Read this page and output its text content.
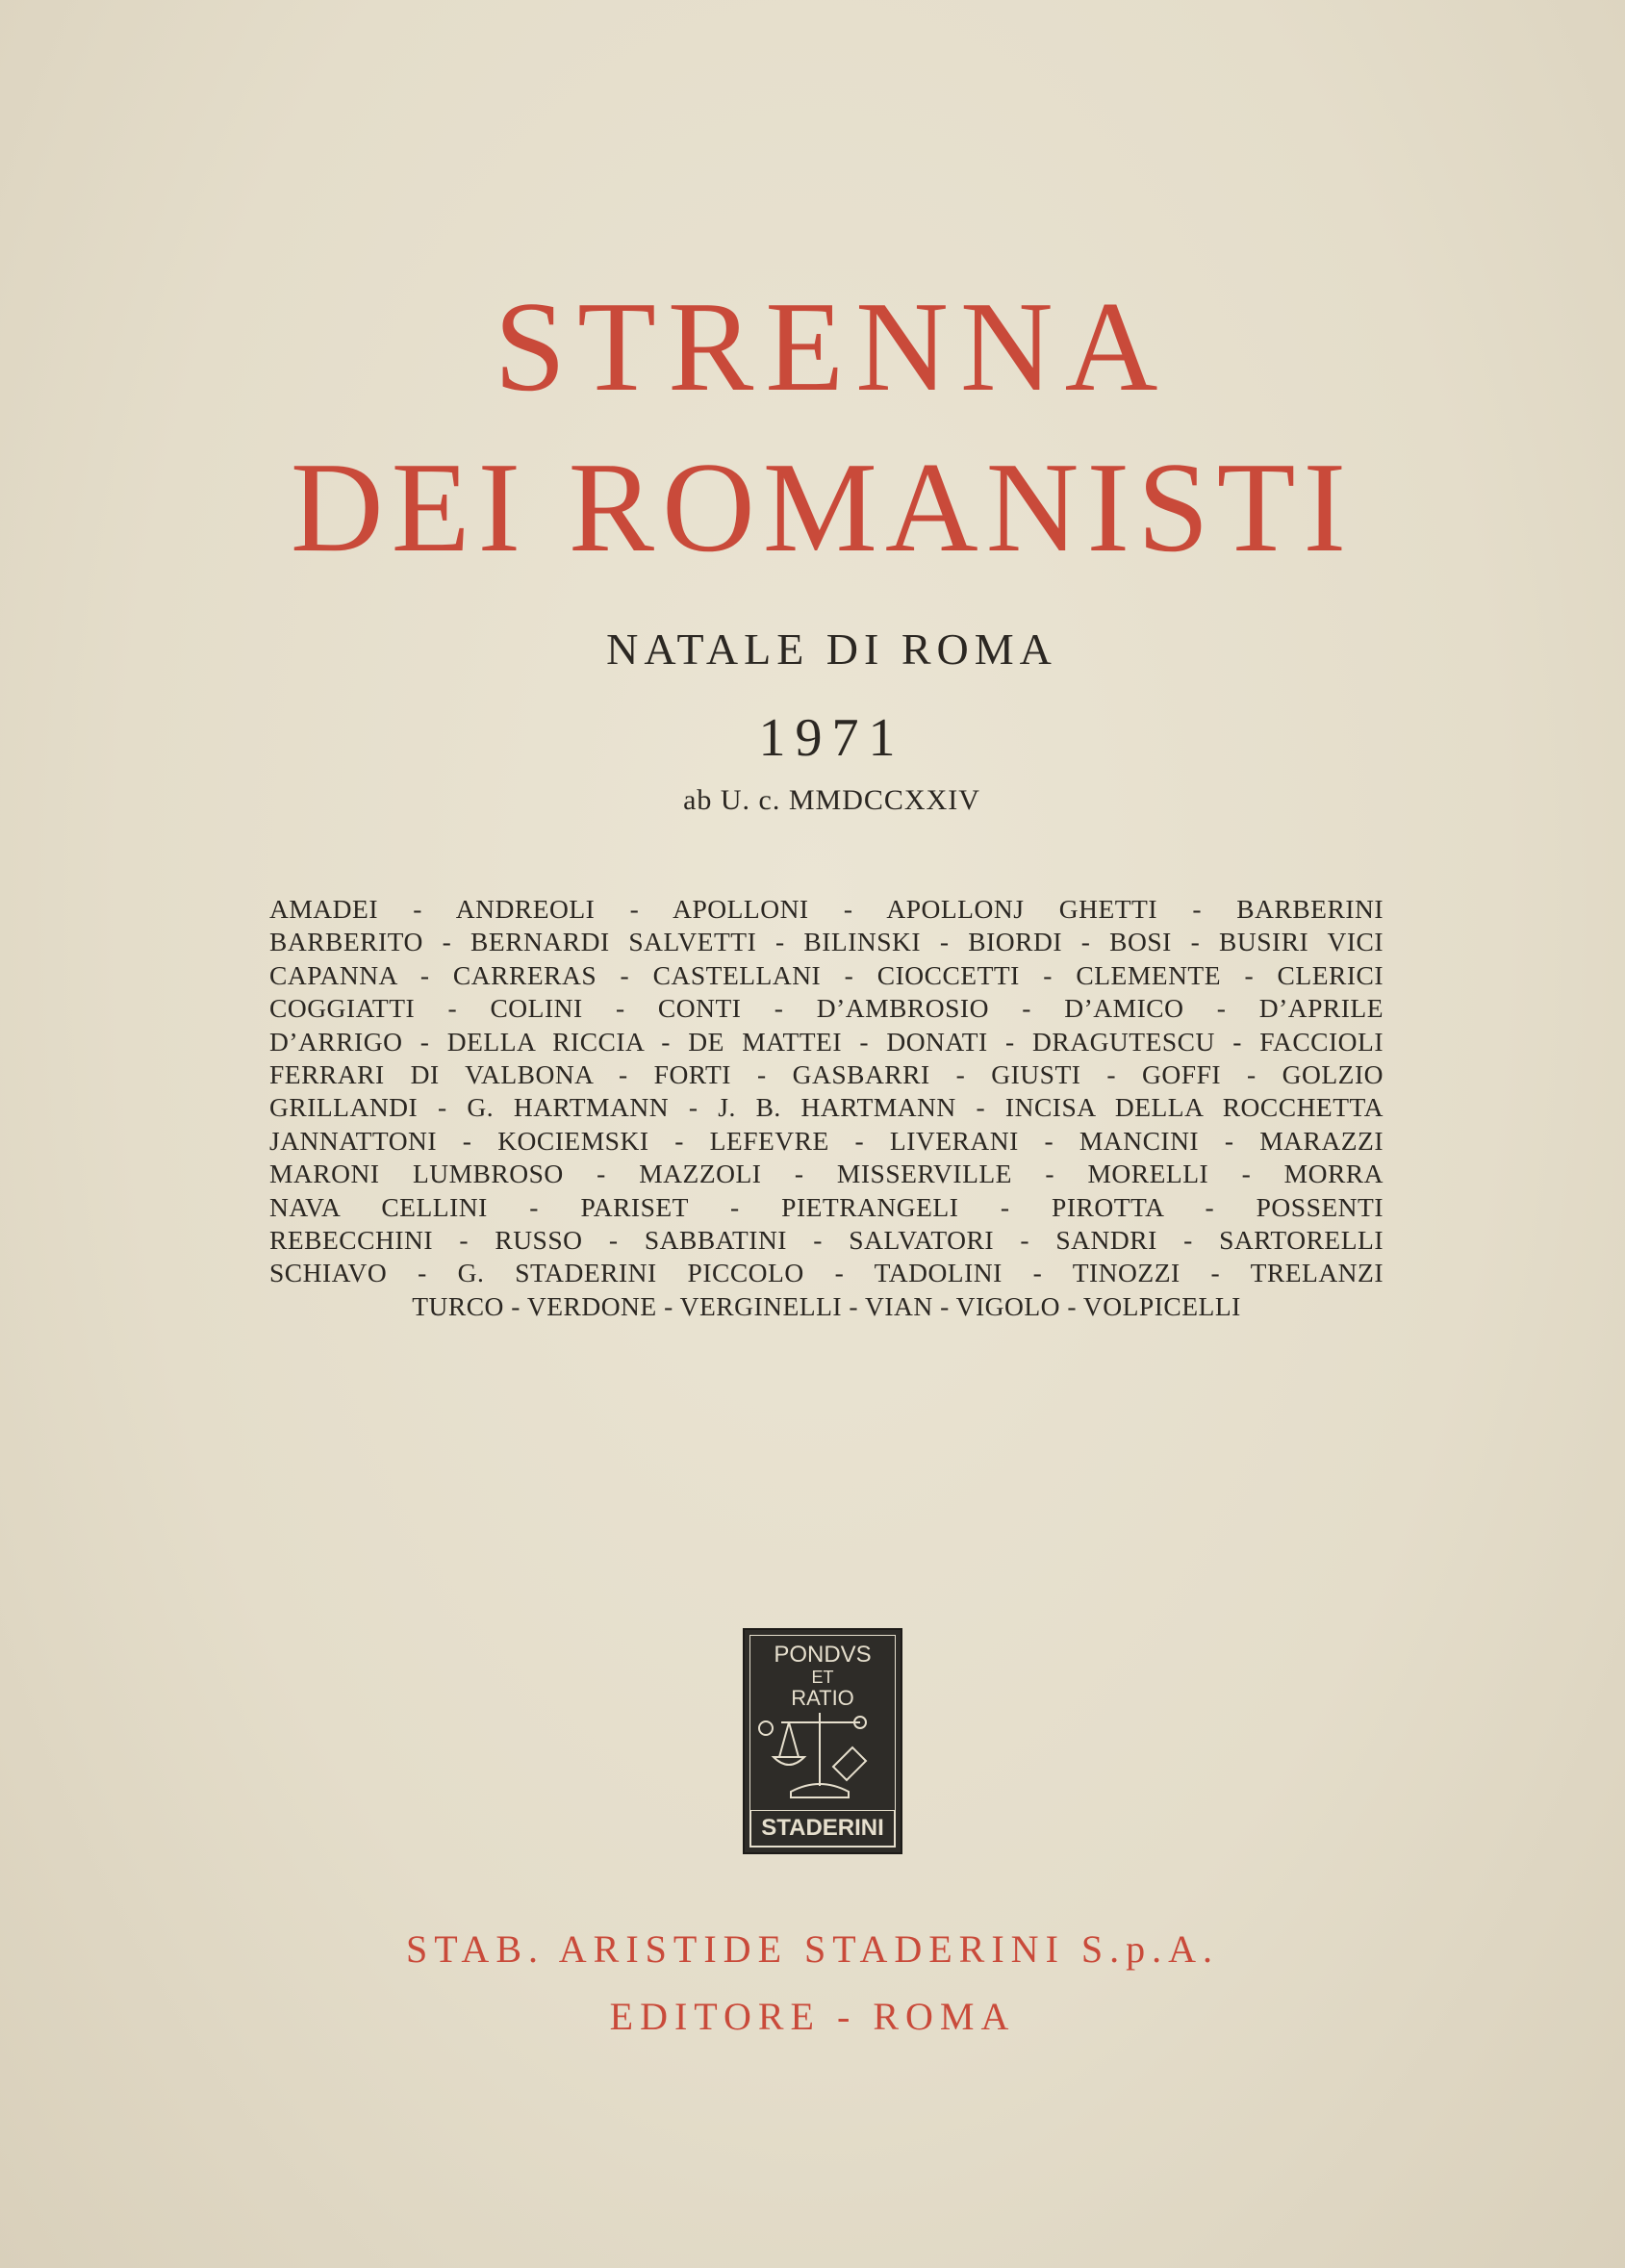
STRENNA
DEI ROMANISTI
NATALE DI ROMA
1971
ab U. c. MMDCCXXIV
AMADEI - ANDREOLI - APOLLONI - APOLLONJ GHETTI - BARBERINI
BARBERITO - BERNARDI SALVETTI - BILINSKI - BIORDI - BOSI - BUSIRI VICI
CAPANNA - CARRERAS - CASTELLANI - CIOCCETTI - CLEMENTE - CLERICI
COGGIATTI - COLINI - CONTI - D’AMBROSIO - D’AMICO - D’APRILE
D’ARRIGO - DELLA RICCIA - DE MATTEI - DONATI - DRAGUTESCU - FACCIOLI
FERRARI DI VALBONA - FORTI - GASBARRI - GIUSTI - GOFFI - GOLZIO
GRILLANDI - G. HARTMANN - J. B. HARTMANN - INCISA DELLA ROCCHETTA
JANNATTONI - KOCIEMSKI - LEFEVRE - LIVERANI - MANCINI - MARAZZI
MARONI LUMBROSO - MAZZOLI - MISSERVILLE - MORELLI - MORRA
NAVA CELLINI - PARISET - PIETRANGELI - PIROTTA - POSSENTI
REBECCHINI - RUSSO - SABBATINI - SALVATORI - SANDRI - SARTORELLI
SCHIAVO - G. STADERINI PICCOLO - TADOLINI - TINOZZI - TRELANZI
TURCO - VERDONE - VERGINELLI - VIAN - VIGOLO - VOLPICELLI
PONDVS
ET
RATIO
STADERINI
STAB. ARISTIDE STADERINI S.p.A.
EDITORE - ROMA
